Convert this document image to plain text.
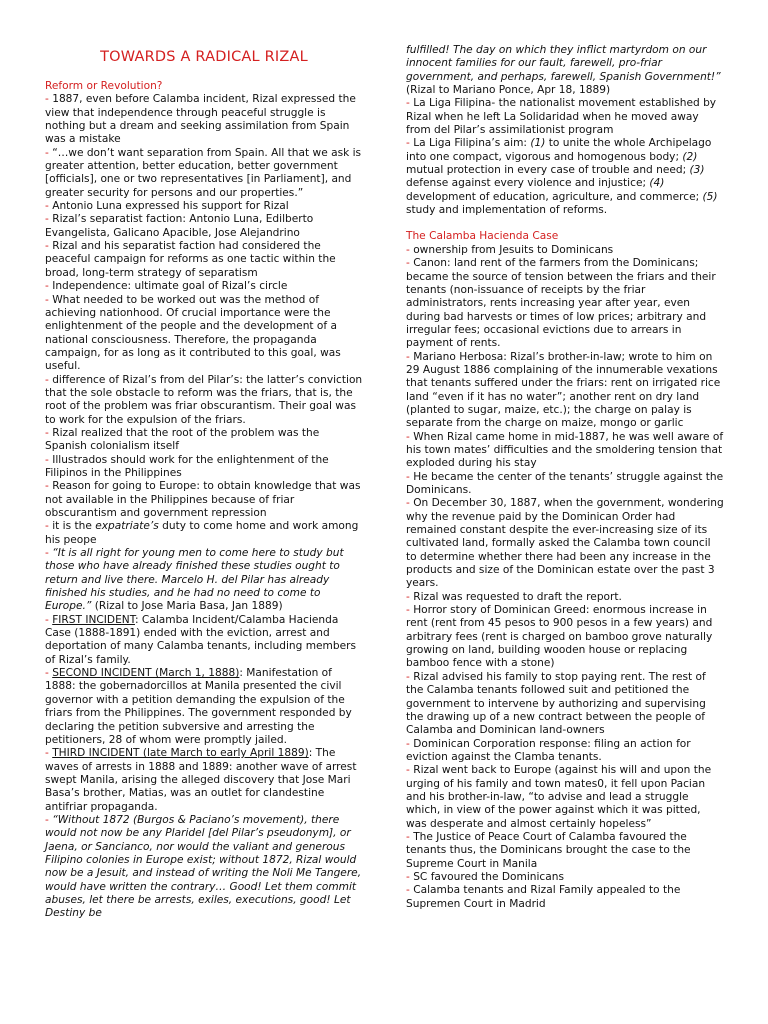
TOWARDS A RADICAL RIZAL
Reform or Revolution?

- 1887, even before Calamba incident, Rizal expressed the view that independence through peaceful struggle is nothing but a dream and seeking assimilation from Spain was a mistake

- “…we don’t want separation from Spain. All that we ask is greater attention, better education, better government [officials], one or two representatives [in Parliament], and greater security for persons and our properties.”

- Antonio Luna expressed his support for Rizal

- Rizal’s separatist faction: Antonio Luna, Edilberto Evangelista, Galicano Apacible, Jose Alejandrino

- Rizal and his separatist faction had considered the peaceful campaign for reforms as one tactic within the broad, long-term strategy of separatism

- Independence: ultimate goal of Rizal’s circle

- What needed to be worked out was the method of achieving nationhood. Of crucial importance were the enlightenment of the people and the development of a national consciousness. Therefore, the propaganda campaign, for as long as it contributed to this goal, was useful.

- difference of Rizal’s from del Pilar’s: the latter’s conviction that the sole obstacle to reform was the friars, that is, the root of the problem was friar obscurantism. Their goal was to work for the expulsion of the friars.

- Rizal realized that the root of the problem was the Spanish colonialism itself

- Illustrados should work for the enlightenment of the Filipinos in the Philippines

- Reason for going to Europe: to obtain knowledge that was not available in the Philippines because of friar obscurantism and government repression

- it is the expatriate’s duty to come home and work among his peope

- “It is all right for young men to come here to study but those who have already finished these studies ought to return and live there. Marcelo H. del Pilar has already finished his studies, and he had no need to come to Europe.” (Rizal to Jose Maria Basa, Jan 1889)

- FIRST INCIDENT: Calamba Incident/Calamba Hacienda Case (1888-1891) ended with the eviction, arrest and deportation of many Calamba tenants, including members of Rizal’s family.

- SECOND INCIDENT (March 1, 1888): Manifestation of 1888: the gobernadorcillos at Manila presented the civil governor with a petition demanding the expulsion of the friars from the Philippines. The government responded by declaring the petition subversive and arresting the petitioners, 28 of whom were promptly jailed.

- THIRD INCIDENT (late March to early April 1889): The waves of arrests in 1888 and 1889: another wave of arrest swept Manila, arising the alleged discovery that Jose Mari Basa’s brother, Matias, was an outlet for clandestine antifriar propaganda.

- “Without 1872 (Burgos & Paciano’s movement), there would not now be any Plaridel [del Pilar’s pseudonym], or Jaena, or Sancianco, nor would the valiant and generous Filipino colonies in Europe exist; without 1872, Rizal would now be a Jesuit, and instead of writing the Noli Me Tangere, would have written the contrary… Good! Let them commit abuses, let there be arrests, exiles, executions, good! Let Destiny be

fulfilled! The day on which they inflict martyrdom on our innocent families for our fault, farewell, pro-friar government, and perhaps, farewell, Spanish Government!” (Rizal to Mariano Ponce, Apr 18, 1889)

- La Liga Filipina- the nationalist movement established by Rizal when he left La Solidaridad when he moved away from del Pilar’s assimilationist program

- La Liga Filipina’s aim: (1) to unite the whole Archipelago into one compact, vigorous and homogenous body; (2) mutual protection in every case of trouble and need; (3) defense against every violence and injustice; (4) development of education, agriculture, and commerce; (5) study and implementation of reforms.

The Calamba Hacienda Case

- ownership from Jesuits to Dominicans

- Canon: land rent of the farmers from the Dominicans; became the source of tension between the friars and their tenants (non-issuance of receipts by the friar administrators, rents increasing year after year, even during bad harvests or times of low prices; arbitrary and irregular fees; occasional evictions due to arrears in payment of rents.

- Mariano Herbosa: Rizal’s brother-in-law; wrote to him on 29 August 1886 complaining of the innumerable vexations that tenants suffered under the friars: rent on irrigated rice land “even if it has no water”; another rent on dry land (planted to sugar, maize, etc.); the charge on palay is separate from the charge on maize, mongo or garlic

- When Rizal came home in mid-1887, he was well aware of his town mates’ difficulties and the smoldering tension that exploded during his stay

- He became the center of the tenants’ struggle against the Dominicans.

- On December 30, 1887, when the government, wondering why the revenue paid by the Dominican Order had remained constant despite the ever-increasing size of its cultivated land, formally asked the Calamba town council to determine whether there had been any increase in the products and size of the Dominican estate over the past 3 years.

- Rizal was requested to draft the report.

- Horror story of Dominican Greed: enormous increase in rent (rent from 45 pesos to 900 pesos in a few years) and arbitrary fees (rent is charged on bamboo grove naturally growing on land, building wooden house or replacing bamboo fence with a stone)

- Rizal advised his family to stop paying rent. The rest of the Calamba tenants followed suit and petitioned the government to intervene by authorizing and supervising the drawing up of a new contract between the people of Calamba and Dominican land-owners

- Dominican Corporation response: filing an action for eviction against the Clamba tenants.

- Rizal went back to Europe (against his will and upon the urging of his family and town mates0, it fell upon Pacian and his brother-in-law, “to advise and lead a struggle which, in view of the power against which it was pitted, was desperate and almost certainly hopeless”

- The Justice of Peace Court of Calamba favoured the tenants thus, the Dominicans brought the case to the Supreme Court in Manila

- SC favoured the Dominicans

- Calamba tenants and Rizal Family appealed to the Supremen Court in Madrid
